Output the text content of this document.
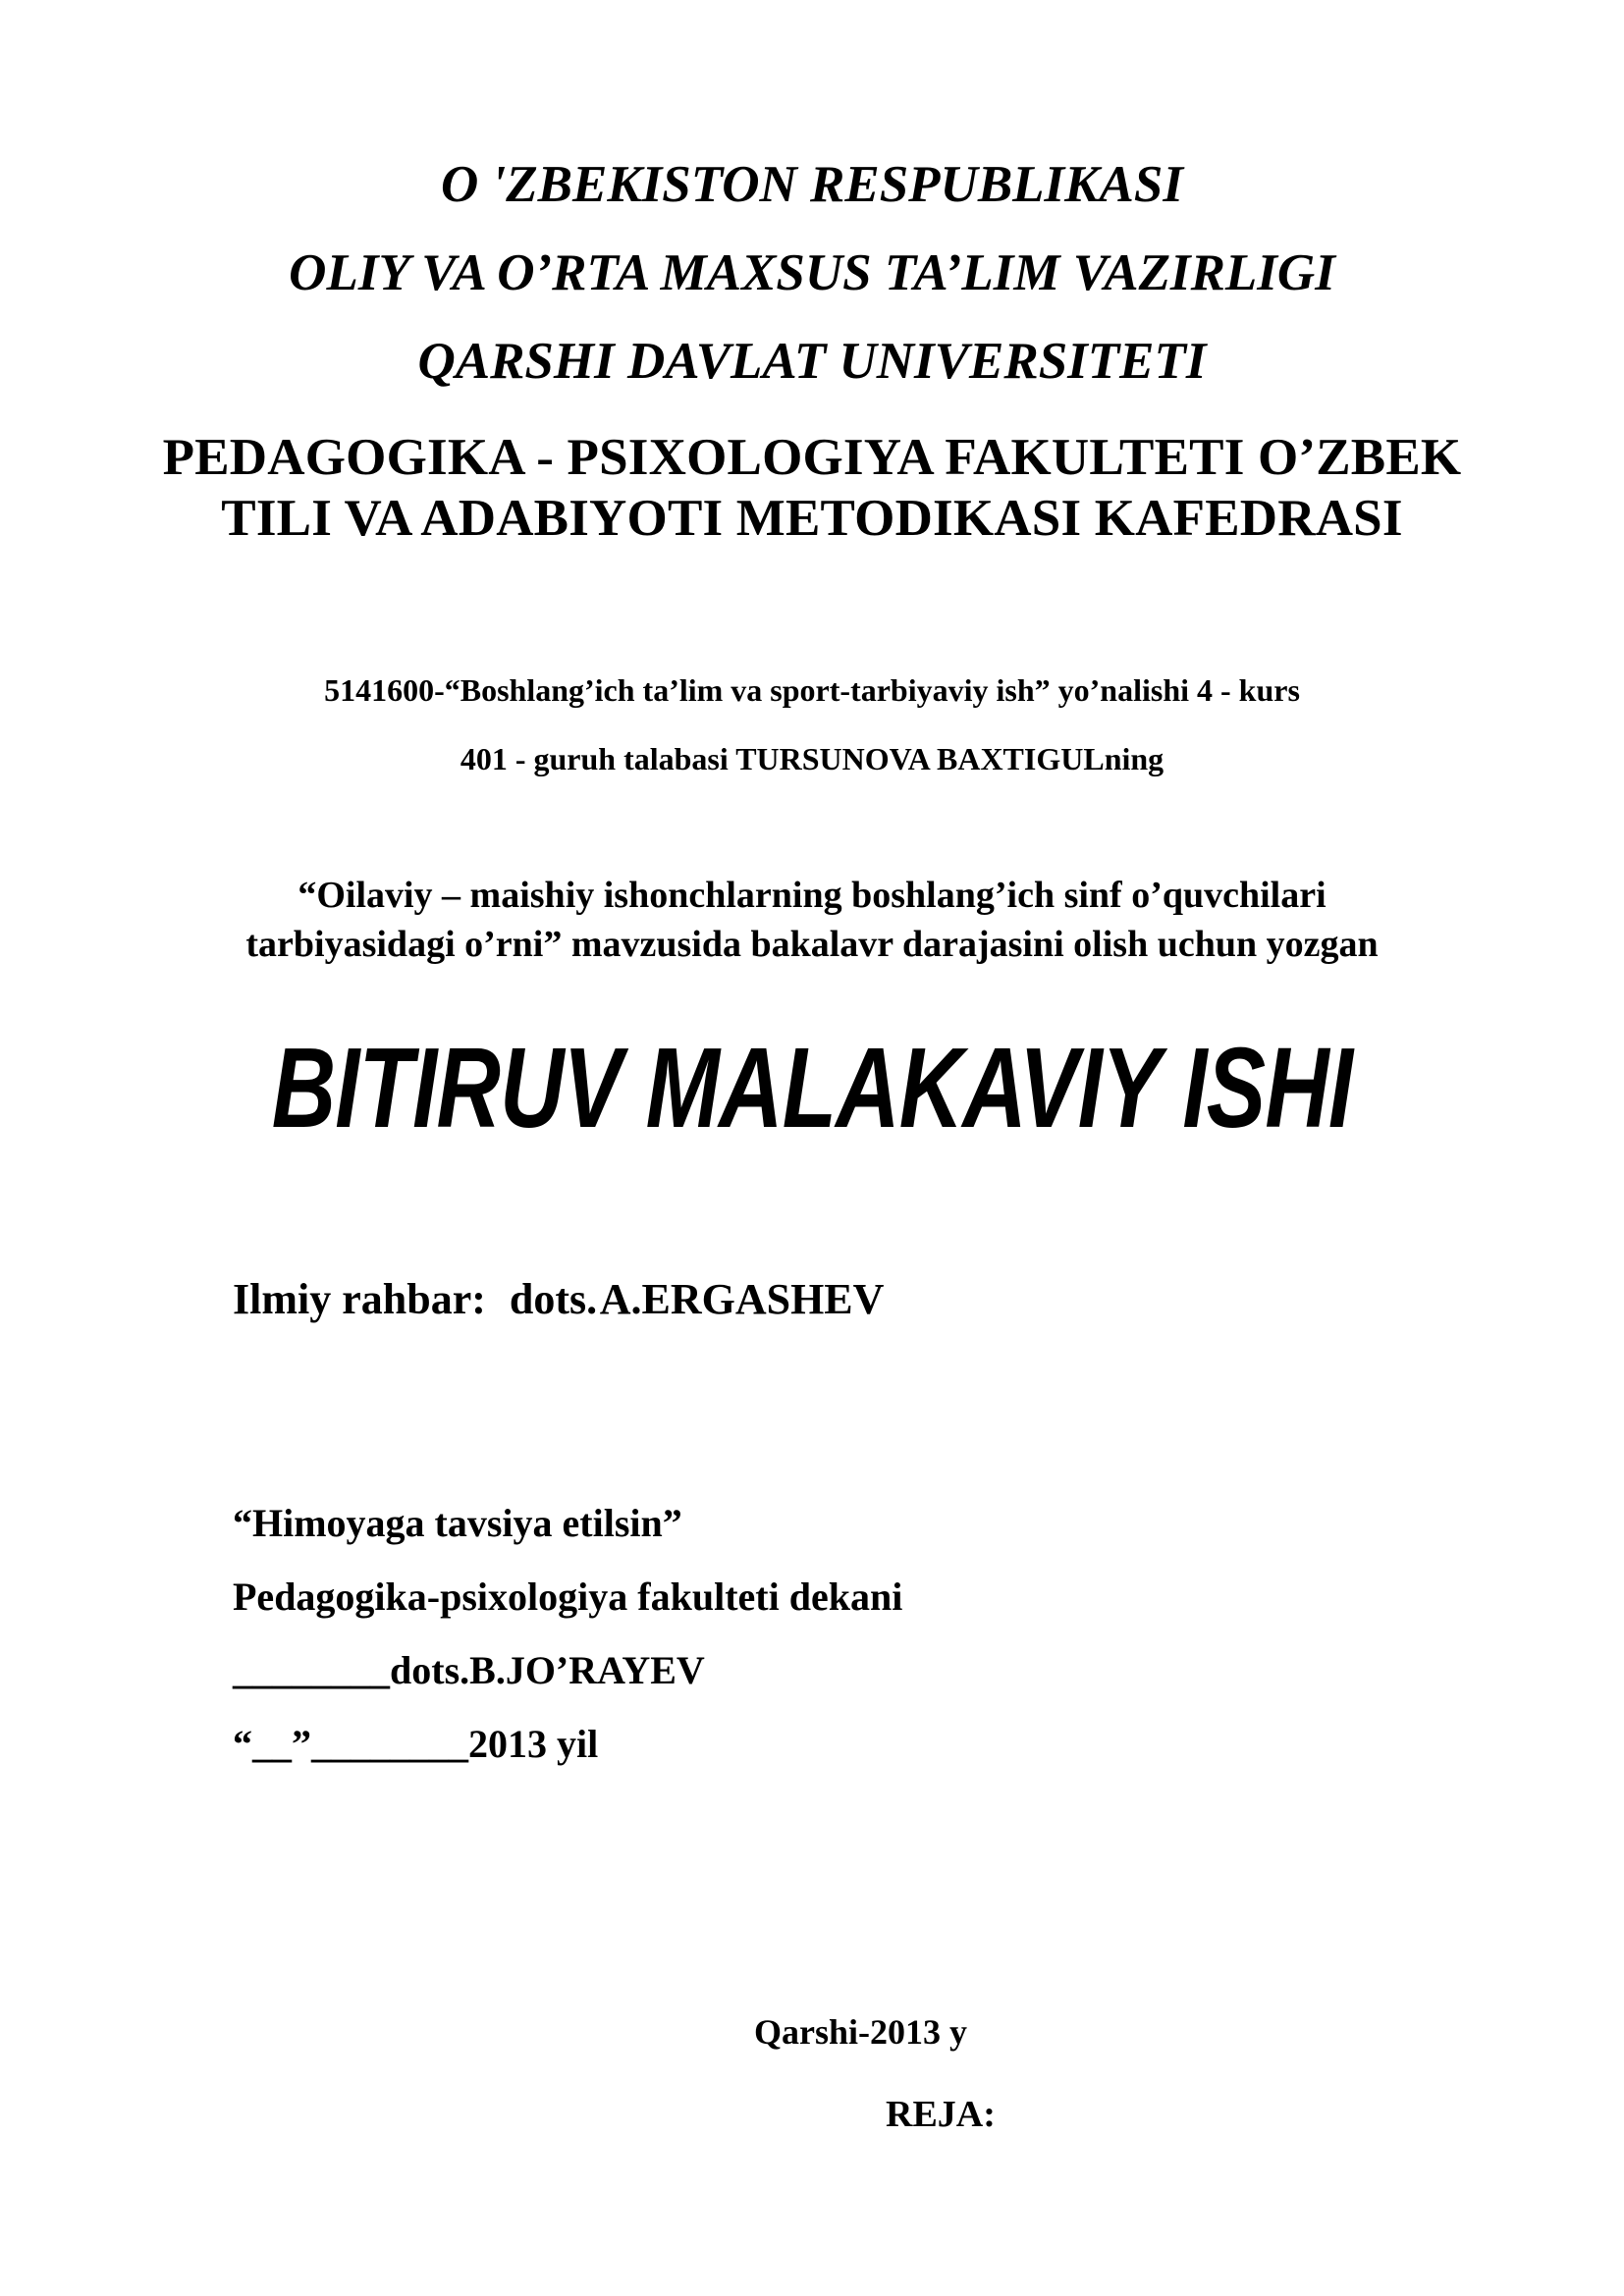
O 'ZBEKISTON RESPUBLIKASI

OLIY VA O’RTA MAXSUS TA’LIM VAZIRLIGI

QARSHI DAVLAT UNIVERSITETI

PEDAGOGIKA - PSIXOLOGIYA FAKULTETI O’ZBEK

TILI VA ADABIYOTI METODIKASI KAFEDRASI

5141600-“Boshlang’ich ta’lim va sport-tarbiyaviy ish” yo’nalishi 4 - kurs

401 - guruh talabasi TURSUNOVA BAXTIGULning

“Oilaviy – maishiy ishonchlarning boshlang’ich sinf o’quvchilari

tarbiyasidagi o’rni” mavzusida bakalavr darajasini olish uchun yozgan

BITIRUV MALAKAVIY ISHI

Ilmiy rahbar: dots. A.ERGASHEV

“Himoyaga tavsiya etilsin”

Pedagogika-psixologiya fakulteti dekani

________dots.B.JO’RAYEV

“__”________2013 yil

Qarshi-2013 y

REJA:
